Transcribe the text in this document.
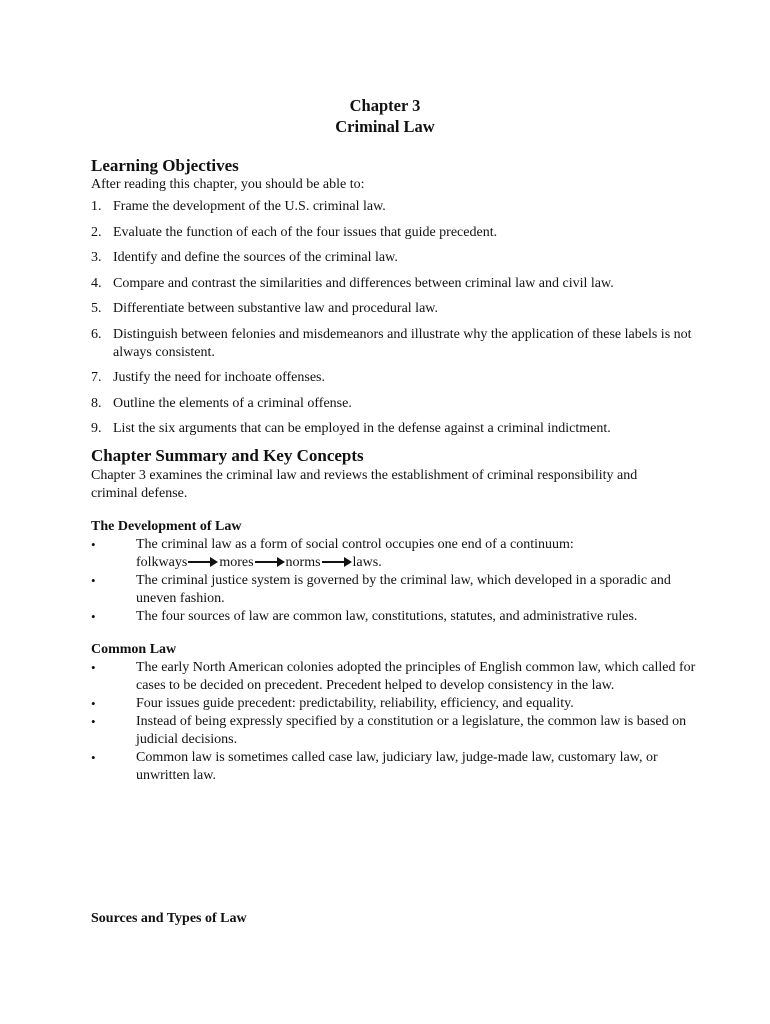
Chapter 3
Criminal Law
Learning Objectives

After reading this chapter, you should be able to:

1. Frame the development of the U.S. criminal law.
2. Evaluate the function of each of the four issues that guide precedent.
3. Identify and define the sources of the criminal law.
4. Compare and contrast the similarities and differences between criminal law and civil law.
5. Differentiate between substantive law and procedural law.
6. Distinguish between felonies and misdemeanors and illustrate why the application of these labels is not always consistent.
7. Justify the need for inchoate offenses.
8. Outline the elements of a criminal offense.
9. List the six arguments that can be employed in the defense against a criminal indictment.
Chapter Summary and Key Concepts

Chapter 3 examines the criminal law and reviews the establishment of criminal responsibility and criminal defense.

The Development of Law
•	The criminal law as a form of social control occupies one end of a continuum:
folkways mores norms laws.
•	The criminal justice system is governed by the criminal law, which developed in a sporadic and uneven fashion.
•	The four sources of law are common law, constitutions, statutes, and administrative rules.
Common Law
•	The early North American colonies adopted the principles of English common law, which called for cases to be decided on precedent. Precedent helped to develop consistency in the law.
•	Four issues guide precedent: predictability, reliability, efficiency, and equality.
•	Instead of being expressly specified by a constitution or a legislature, the common law is based on judicial decisions.
•	Common law is sometimes called case law, judiciary law, judge-made law, customary law, or unwritten law.
Sources and Types of Law
